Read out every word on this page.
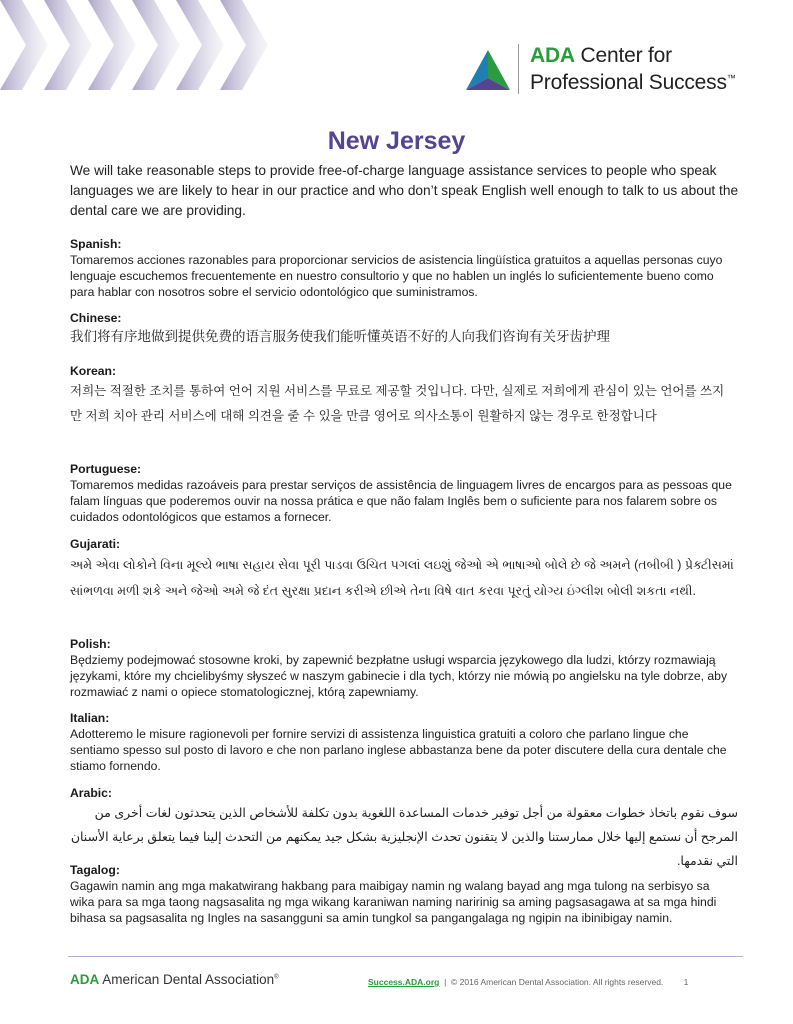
ADA Center for
Professional Success™
New Jersey
We will take reasonable steps to provide free-of-charge language assistance services to people who speak languages we are likely to hear in our practice and who don’t speak English well enough to talk to us about the dental care we are providing.
Spanish:
Tomaremos acciones razonables para proporcionar servicios de asistencia lingüística gratuitos a aquellas personas cuyo lenguaje escuchemos frecuentemente en nuestro consultorio y que no hablen un inglés lo suficientemente bueno como para hablar con nosotros sobre el servicio odontológico que suministramos.
Chinese:
我们将有序地做到提供免费的语言服务使我们能听懂英语不好的人向我们咨询有关牙齿护理
Korean:
저희는 적절한 조치를 통하여 언어 지원 서비스를 무료로 제공할 것입니다. 다만, 실제로 저희에게 관심이 있는 언어를 쓰지만 저희 치아 관리 서비스에 대해 의견을 줄 수 있을 만큼 영어로 의사소통이 원활하지 않는 경우로 한정합니다
Portuguese:
Tomaremos medidas razoáveis para prestar serviços de assistência de linguagem livres de encargos para as pessoas que falam línguas que poderemos ouvir na nossa prática e que não falam Inglês bem o suficiente para nos falarem sobre os cuidados odontológicos que estamos a fornecer.
Gujarati:
અમે એવા લોકોને વિના મૂલ્યે ભાષા સહાય સેવા પૂરી પાડવા ઉચિત પગલાં લઇશું જેઓ એ ભાષાઓ બોલે છે જે અમને (તબીબી ) પ્રેક્ટીસમાં સાંભળવા મળી શકે અને જેઓ અમે જે દંત સુરક્ષા પ્રદાન કરીએ છીએ તેના વિષે વાત કરવા પૂરતું યોગ્ય ઇંગ્લીશ બોલી શકતા નથી.
Polish:
Będziemy podejmować stosowne kroki, by zapewnić bezpłatne usługi wsparcia językowego dla ludzi, którzy rozmawiają językami, które my chcielibyśmy słyszeć w naszym gabinecie i dla tych, którzy nie mówią po angielsku na tyle dobrze, aby rozmawiać z nami o opiece stomatologicznej, którą zapewniamy.
Italian:
Adotteremo le misure ragionevoli per fornire servizi di assistenza linguistica gratuiti a coloro che parlano lingue che sentiamo spesso sul posto di lavoro e che non parlano inglese abbastanza bene da poter discutere della cura dentale che stiamo fornendo.
Arabic:
سوف نقوم باتخاذ خطوات معقولة من أجل توفير خدمات المساعدة اللغوية بدون تكلفة للأشخاص الذين يتحدثون لغات أخرى من المرجح أن نستمع إليها خلال ممارستنا والذين لا يتقنون تحدث الإنجليزية بشكل جيد يمكنهم من التحدث إلينا فيما يتعلق برعاية الأسنان التي نقدمها.
Tagalog:
Gagawin namin ang mga makatwirang hakbang para maibigay namin ng walang bayad ang mga tulong na serbisyo sa wika para sa mga taong nagsasalita ng mga wikang karaniwan naming naririnig sa aming pagsasagawa at sa mga hindi bihasa sa pagsasalita ng Ingles na sasangguni sa amin tungkol sa pangangalaga ng ngipin na ibinibigay namin.
ADA American Dental Association®	Success.ADA.org | © 2016 American Dental Association. All rights reserved. 1
